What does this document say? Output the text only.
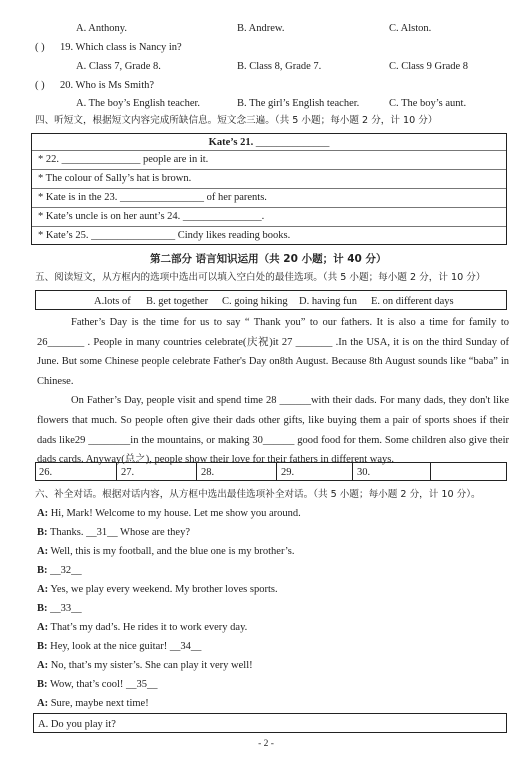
A. Anthony.	B. Andrew.	C. Alston.
( ) 19. Which class is Nancy in?
A. Class 7, Grade 8.	B. Class 8, Grade 7.	C. Class 9 Grade 8
( ) 20. Who is Ms Smith?
A. The boy’s English teacher.	B. The girl’s English teacher.	C. The boy’s aunt.
四、听短文，根据短文内容完成所缺信息。短文念三遍。（共 5 小题；每小题 2 分，计 10 分）
Kate’s 21. ______________
* 22. _______________ people are in it.
* The colour of Sally’s hat is brown.
* Kate is in the 23. ________________ of her parents.
* Kate’s uncle is on her aunt’s 24. _______________.
* Kate’s 25. ________________ Cindy likes reading books.
第二部分 语言知识运用（共 20 小题；计 40 分）
五、阅读短文，从方框内的选项中选出可以填入空白处的最佳选项。（共 5 小题；每小题 2 分，计 10 分）
A.lots of B. get together C. going hiking D. having fun E. on different days

Father’s Day is the time for us to say “ Thank you” to our fathers. It is also a time for family to 26_______ . People in many countries celebrate(庆祝)it 27 _______ .In the USA, it is on the third Sunday of June. But some Chinese people celebrate Father's Day on8th August. Because 8th August sounds like “baba” in Chinese.

On Father’s Day, people visit and spend time 28 ______with their dads. For many dads, they don't like flowers that much. So people often give their dads other gifts, like buying them a pair of sports shoes if their dads like29 ________in the mountains, or making 30______ good food for them. Some children also give their dads cards. Anyway(总之), people show their love for their fathers in different ways.

26.	27.	28.	29.	30.
六、补全对话。根据对话内容，从方框中选出最佳选项补全对话。（共 5 小题；每小题 2 分，计 10 分）。
A: Hi, Mark! Welcome to my house. Let me show you around.
B: Thanks. __31__ Whose are they?
A: Well, this is my football, and the blue one is my brother’s.
B: __32__
A: Yes, we play every weekend. My brother loves sports.
B: __33__
A: That’s my dad’s. He rides it to work every day.
B: Hey, look at the nice guitar! __34__
A: No, that’s my sister’s. She can play it very well!
B: Wow, that’s cool! __35__
A: Sure, maybe next time!
A. Do you play it?
- 2 -
